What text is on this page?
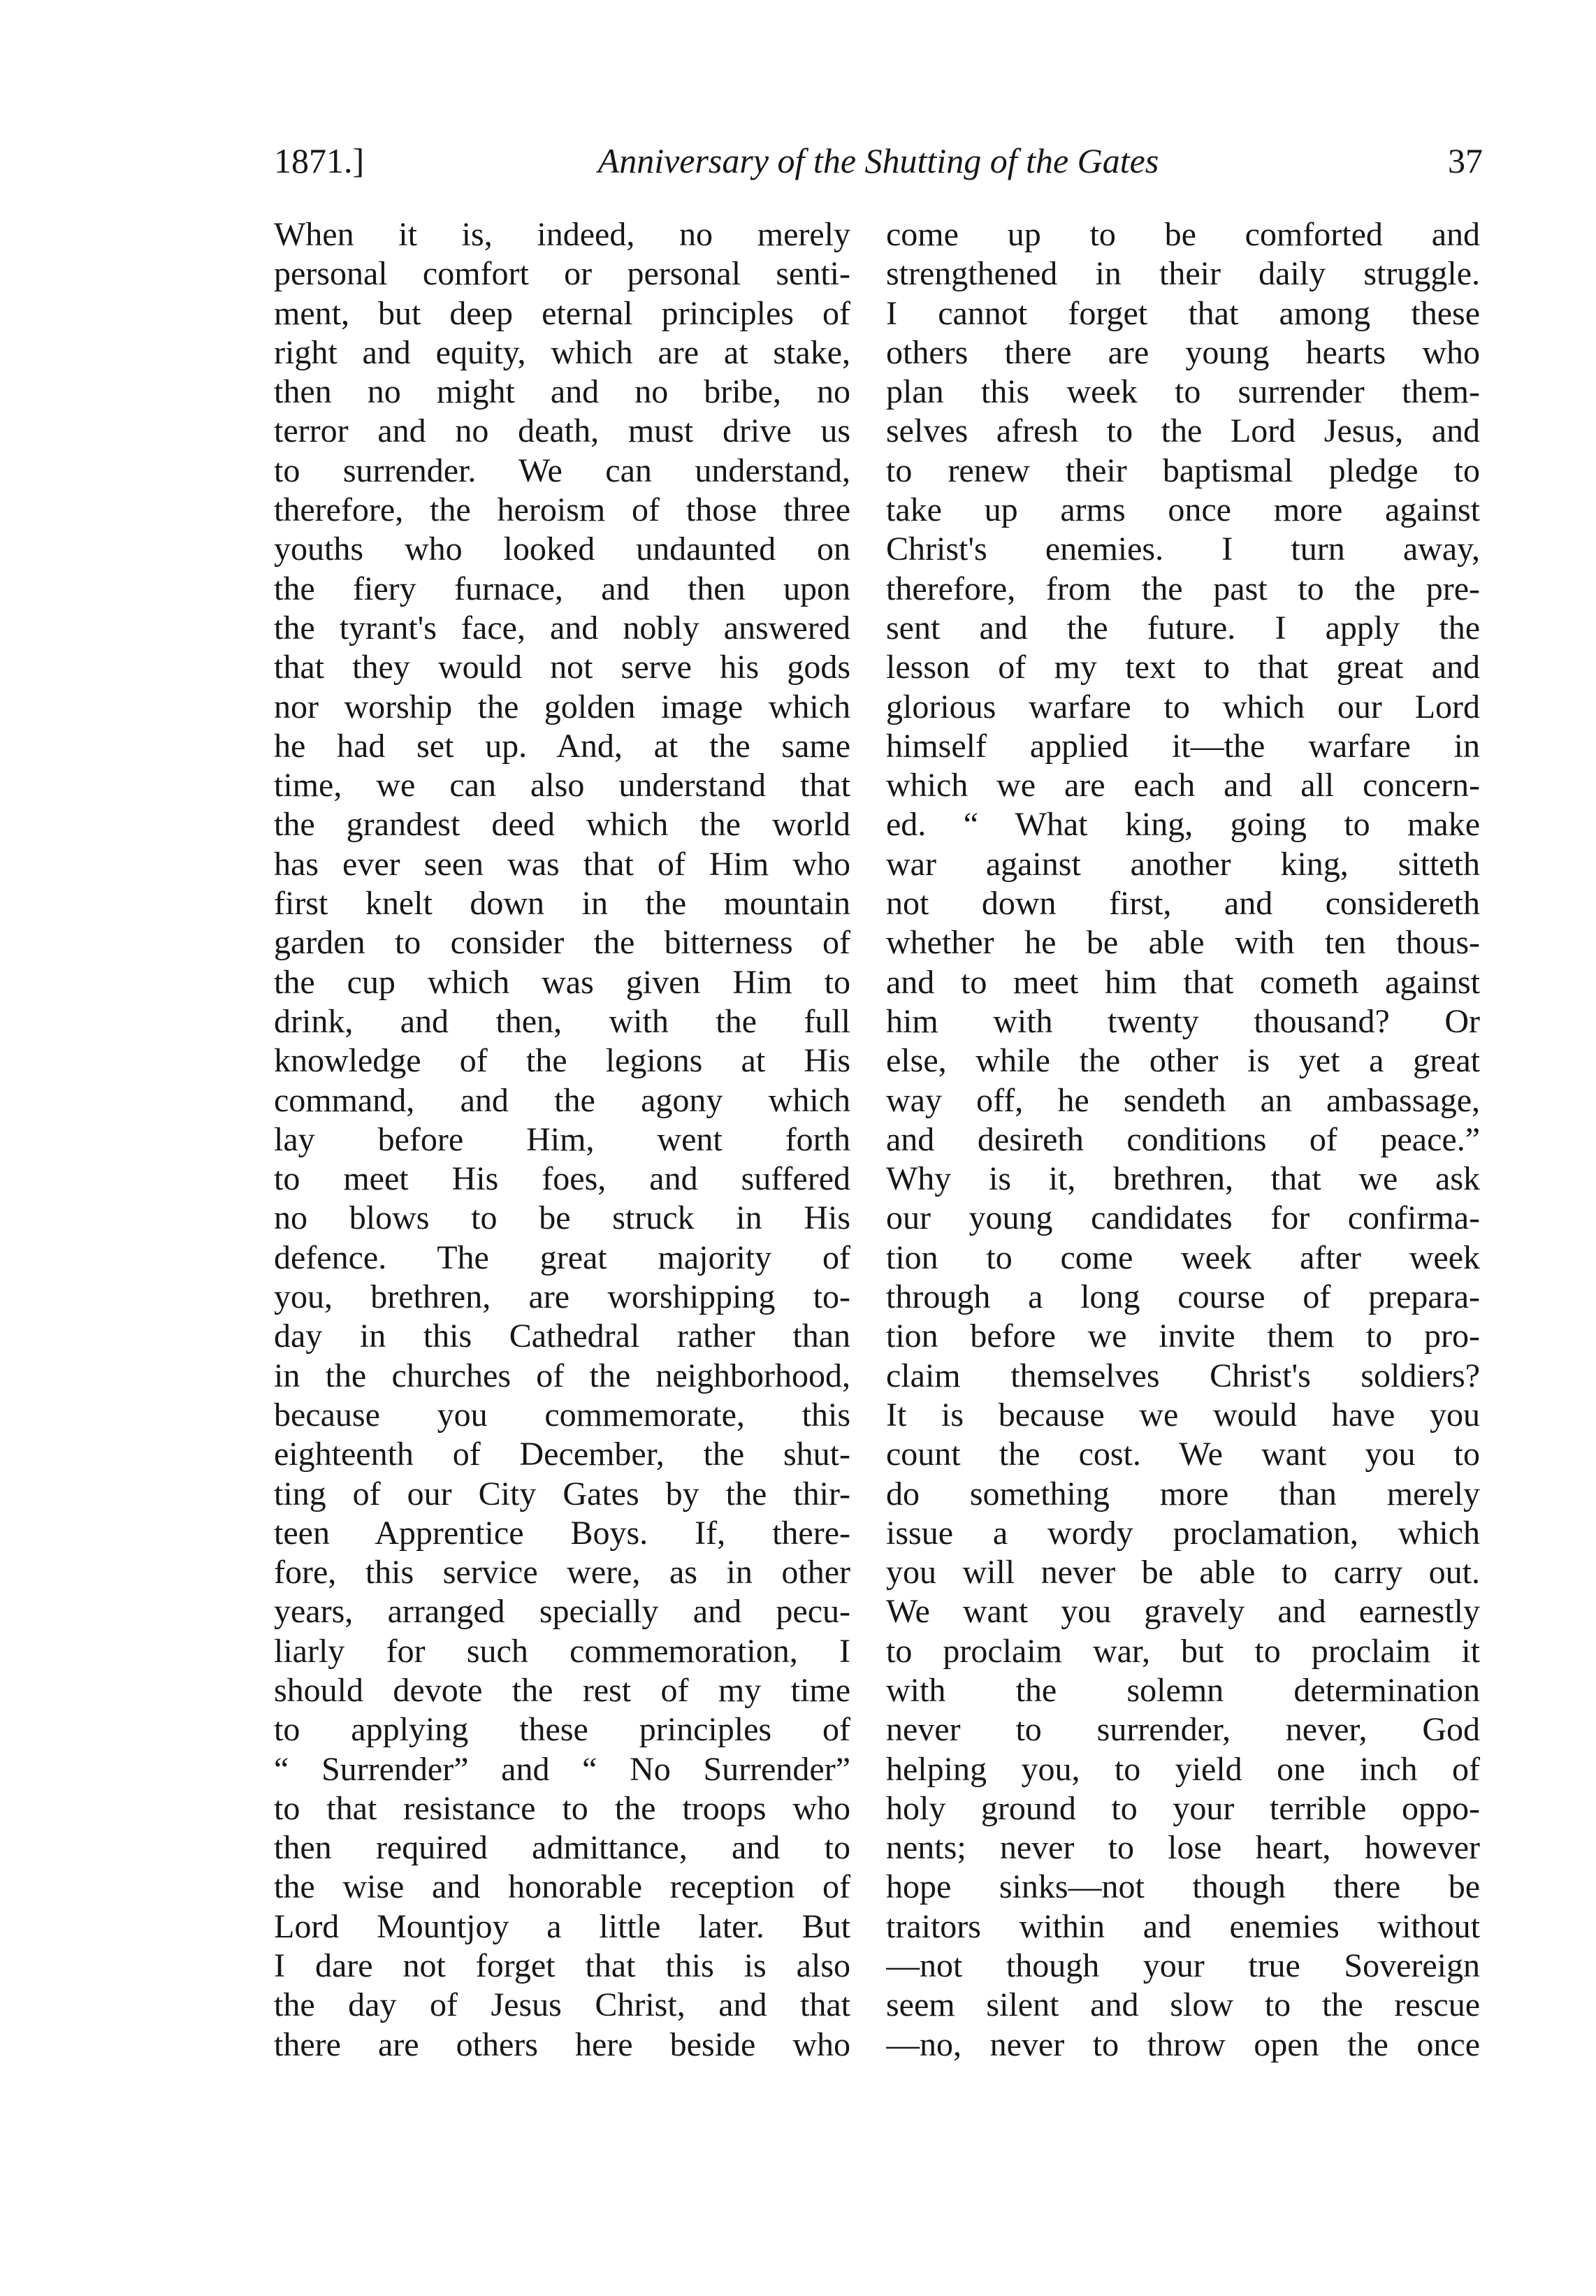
1871.]	Anniversary of the Shutting of the Gates	37
When it is, indeed, no merely
personal comfort or personal senti-
ment, but deep eternal principles of
right and equity, which are at stake,
then no might and no bribe, no
terror and no death, must drive us
to surrender. We can understand,
therefore, the heroism of those three
youths who looked undaunted on
the fiery furnace, and then upon
the tyrant's face, and nobly answered
that they would not serve his gods
nor worship the golden image which
he had set up. And, at the same
time, we can also understand that
the grandest deed which the world
has ever seen was that of Him who
first knelt down in the mountain
garden to consider the bitterness of
the cup which was given Him to
drink, and then, with the full
knowledge of the legions at His
command, and the agony which
lay before Him, went forth
to meet His foes, and suffered
no blows to be struck in His
defence. The great majority of
you, brethren, are worshipping to-
day in this Cathedral rather than
in the churches of the neighborhood,
because you commemorate, this
eighteenth of December, the shut-
ting of our City Gates by the thir-
teen Apprentice Boys. If, there-
fore, this service were, as in other
years, arranged specially and pecu-
liarly for such commemoration, I
should devote the rest of my time
to applying these principles of
“ Surrender” and “ No Surrender”
to that resistance to the troops who
then required admittance, and to
the wise and honorable reception of
Lord Mountjoy a little later. But
I dare not forget that this is also
the day of Jesus Christ, and that
there are others here beside who
come up to be comforted and
strengthened in their daily struggle.
I cannot forget that among these
others there are young hearts who
plan this week to surrender them-
selves afresh to the Lord Jesus, and
to renew their baptismal pledge to
take up arms once more against
Christ's enemies. I turn away,
therefore, from the past to the pre-
sent and the future. I apply the
lesson of my text to that great and
glorious warfare to which our Lord
himself applied it—the warfare in
which we are each and all concern-
ed. “ What king, going to make
war against another king, sitteth
not down first, and considereth
whether he be able with ten thous-
and to meet him that cometh against
him with twenty thousand? Or
else, while the other is yet a great
way off, he sendeth an ambassage,
and desireth conditions of peace.”
Why is it, brethren, that we ask
our young candidates for confirma-
tion to come week after week
through a long course of prepara-
tion before we invite them to pro-
claim themselves Christ's soldiers?
It is because we would have you
count the cost. We want you to
do something more than merely
issue a wordy proclamation, which
you will never be able to carry out.
We want you gravely and earnestly
to proclaim war, but to proclaim it
with the solemn determination
never to surrender, never, God
helping you, to yield one inch of
holy ground to your terrible oppo-
nents; never to lose heart, however
hope sinks—not though there be
traitors within and enemies without
—not though your true Sovereign
seem silent and slow to the rescue
—no, never to throw open the once
